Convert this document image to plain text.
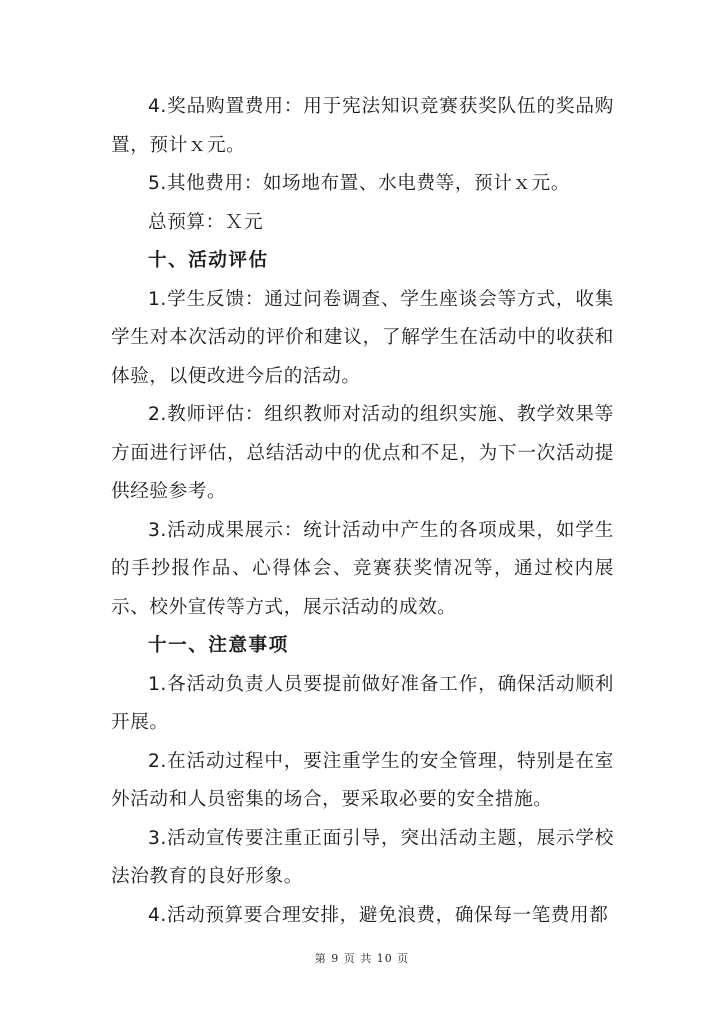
4.奖品购置费用：用于宪法知识竞赛获奖队伍的奖品购置，预计ｘ元。

5.其他费用：如场地布置、水电费等，预计ｘ元。

总预算：Ｘ元

十、活动评估

1.学生反馈：通过问卷调查、学生座谈会等方式，收集学生对本次活动的评价和建议，了解学生在活动中的收获和体验，以便改进今后的活动。

2.教师评估：组织教师对活动的组织实施、教学效果等方面进行评估，总结活动中的优点和不足，为下一次活动提供经验参考。

3.活动成果展示：统计活动中产生的各项成果，如学生的手抄报作品、心得体会、竞赛获奖情况等，通过校内展示、校外宣传等方式，展示活动的成效。

十一、注意事项

1.各活动负责人员要提前做好准备工作，确保活动顺利开展。

2.在活动过程中，要注重学生的安全管理，特别是在室外活动和人员密集的场合，要采取必要的安全措施。

3.活动宣传要注重正面引导，突出活动主题，展示学校法治教育的良好形象。

4.活动预算要合理安排，避免浪费，确保每一笔费用都

第 9 页 共 10 页
